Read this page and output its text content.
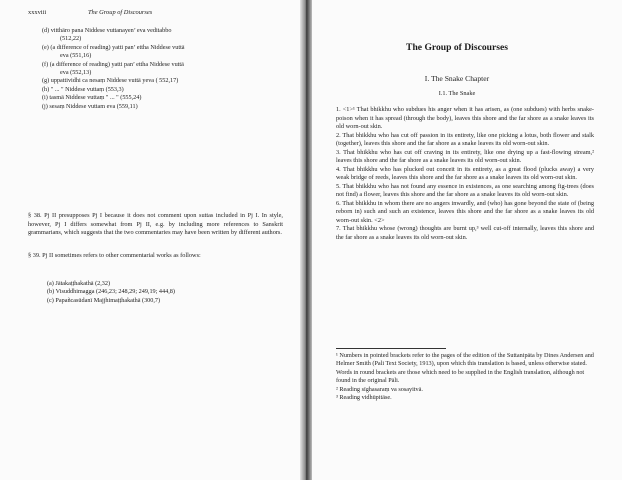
xxxviii	The Group of Discourses
(d) vitthāro pana Niddese vuttanayen’ eva veditabbo
(512,22)
(e) (a difference of reading) yatti pan’ ettha Niddese vuttā
eva (551,16)
(f) (a difference of reading) yatti pan’ ettha Niddese vuttā
eva (552,13)
(g) uppattividhi ca nesaṃ Niddese vuttā yeva ( 552,17)
(h) " ... " Niddese vuttaṃ (553,3)
(i) tasmā Niddese vuttaṃ " ... " (555,24)
(j) sesaṃ Niddese vuttam eva (559,11)
§ 38. Pj II presupposes Pj I because it does not comment upon suttas included in Pj I. In style, however, Pj I differs somewhat from Pj II, e.g. by including more references to Sanskrit grammarians, which suggests that the two commentaries may have been written by different authors.
§ 39. Pj II sometimes refers to other commentarial works as follows:
(a) Jātakaṭṭhakathā (2,32)
(b) Visuddhimagga (246,23; 248,29; 249,19; 444,8)
(c) Papañcasūdanī Majjhimaṭṭhakathā (300,7)
The Group of Discourses
I. The Snake Chapter
I.1. The Snake

1. <1>¹ That bhikkhu who subdues his anger when it has arisen, as (one subdues) with herbs snake-poison when it has spread (through the body), leaves this shore and the far shore as a snake leaves its old worn-out skin.

2. That bhikkhu who has cut off passion in its entirety, like one picking a lotus, both flower and stalk (together), leaves this shore and the far shore as a snake leaves its old worn-out skin.

3. That bhikkhu who has cut off craving in its entirety, like one drying up a fast-flowing stream,² leaves this shore and the far shore as a snake leaves its old worn-out skin.

4. That bhikkhu who has plucked out conceit in its entirety, as a great flood (plucks away) a very weak bridge of reeds, leaves this shore and the far shore as a snake leaves its old worn-out skin.

5. That bhikkhu who has not found any essence in existences, as one searching among fig-trees (does not find) a flower, leaves this shore and the far shore as a snake leaves its old worn-out skin.

6. That bhikkhu in whom there are no angers inwardly, and (who) has gone beyond the state of (being reborn in) such and such an existence, leaves this shore and the far shore as a snake leaves its old worn-out skin. <2>

7. That bhikkhu whose (wrong) thoughts are burnt up,³ well cut-off internally, leaves this shore and the far shore as a snake leaves its old worn-out skin.

¹ Numbers in pointed brackets refer to the pages of the edition of the Suttanipāta by Dines Andersen and Helmer Smith (Pali Text Society, 1913), upon which this translation is based, unless otherwise stated. Words in round brackets are those which need to be supplied in the English translation, although not found in the original Pāli.
² Reading sīghasaraṃ va sosayitvā.
³ Reading vidhūpitāse.
